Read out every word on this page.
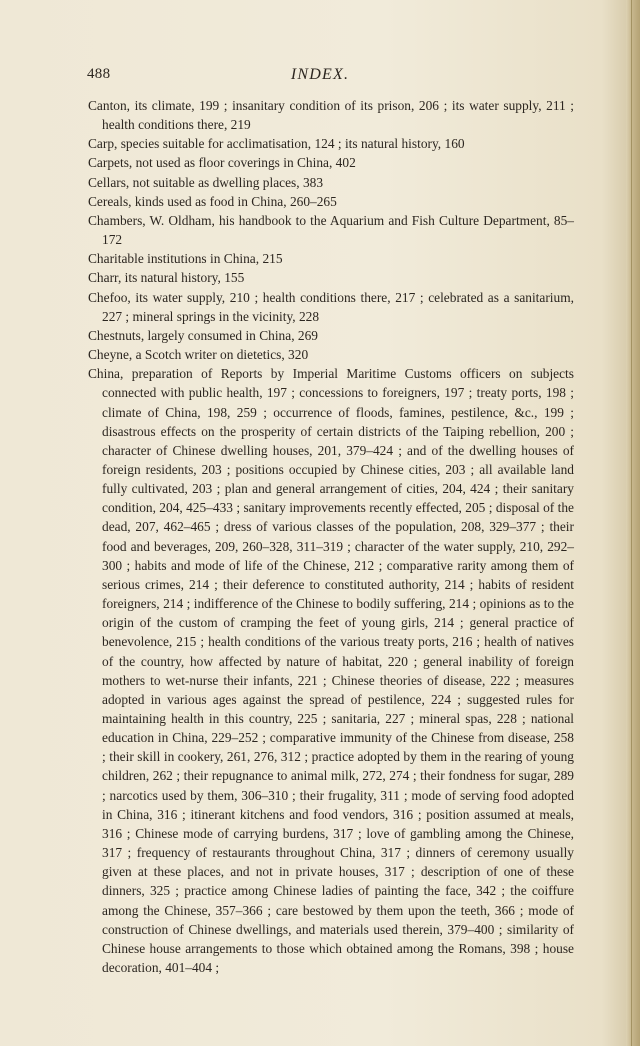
488	INDEX.

Canton, its climate, 199 ; insanitary condition of its prison, 206 ; its water supply, 211 ; health conditions there, 219

Carp, species suitable for acclimatisation, 124 ; its natural history, 160

Carpets, not used as floor coverings in China, 402

Cellars, not suitable as dwelling places, 383

Cereals, kinds used as food in China, 260–265

Chambers, W. Oldham, his handbook to the Aquarium and Fish Culture Department, 85–172

Charitable institutions in China, 215

Charr, its natural history, 155

Chefoo, its water supply, 210 ; health conditions there, 217 ; celebrated as a sanitarium, 227 ; mineral springs in the vicinity, 228

Chestnuts, largely consumed in China, 269

Cheyne, a Scotch writer on dietetics, 320

China, preparation of Reports by Imperial Maritime Customs officers on subjects connected with public health, 197 ; concessions to foreigners, 197 ; treaty ports, 198 ; climate of China, 198, 259 ; occurrence of floods, famines, pestilence, &c., 199 ; disastrous effects on the prosperity of certain districts of the Taiping rebellion, 200 ; character of Chinese dwelling houses, 201, 379–424 ; and of the dwelling houses of foreign residents, 203 ; positions occupied by Chinese cities, 203 ; all available land fully cultivated, 203 ; plan and general arrangement of cities, 204, 424 ; their sanitary condition, 204, 425–433 ; sanitary improvements recently effected, 205 ; disposal of the dead, 207, 462–465 ; dress of various classes of the population, 208, 329–377 ; their food and beverages, 209, 260–328, 311–319 ; character of the water supply, 210, 292–300 ; habits and mode of life of the Chinese, 212 ; comparative rarity among them of serious crimes, 214 ; their deference to constituted authority, 214 ; habits of resident foreigners, 214 ; indifference of the Chinese to bodily suffering, 214 ; opinions as to the origin of the custom of cramping the feet of young girls, 214 ; general practice of benevolence, 215 ; health conditions of the various treaty ports, 216 ; health of natives of the country, how affected by nature of habitat, 220 ; general inability of foreign mothers to wet-nurse their infants, 221 ; Chinese theories of disease, 222 ; measures adopted in various ages against the spread of pestilence, 224 ; suggested rules for maintaining health in this country, 225 ; sanitaria, 227 ; mineral spas, 228 ; national education in China, 229–252 ; comparative immunity of the Chinese from disease, 258 ; their skill in cookery, 261, 276, 312 ; practice adopted by them in the rearing of young children, 262 ; their repugnance to animal milk, 272, 274 ; their fondness for sugar, 289 ; narcotics used by them, 306–310 ; their frugality, 311 ; mode of serving food adopted in China, 316 ; itinerant kitchens and food vendors, 316 ; position assumed at meals, 316 ; Chinese mode of carrying burdens, 317 ; love of gambling among the Chinese, 317 ; frequency of restaurants throughout China, 317 ; dinners of ceremony usually given at these places, and not in private houses, 317 ; description of one of these dinners, 325 ; practice among Chinese ladies of painting the face, 342 ; the coiffure among the Chinese, 357–366 ; care bestowed by them upon the teeth, 366 ; mode of construction of Chinese dwellings, and materials used therein, 379–400 ; similarity of Chinese house arrangements to those which obtained among the Romans, 398 ; house decoration, 401–404 ;
